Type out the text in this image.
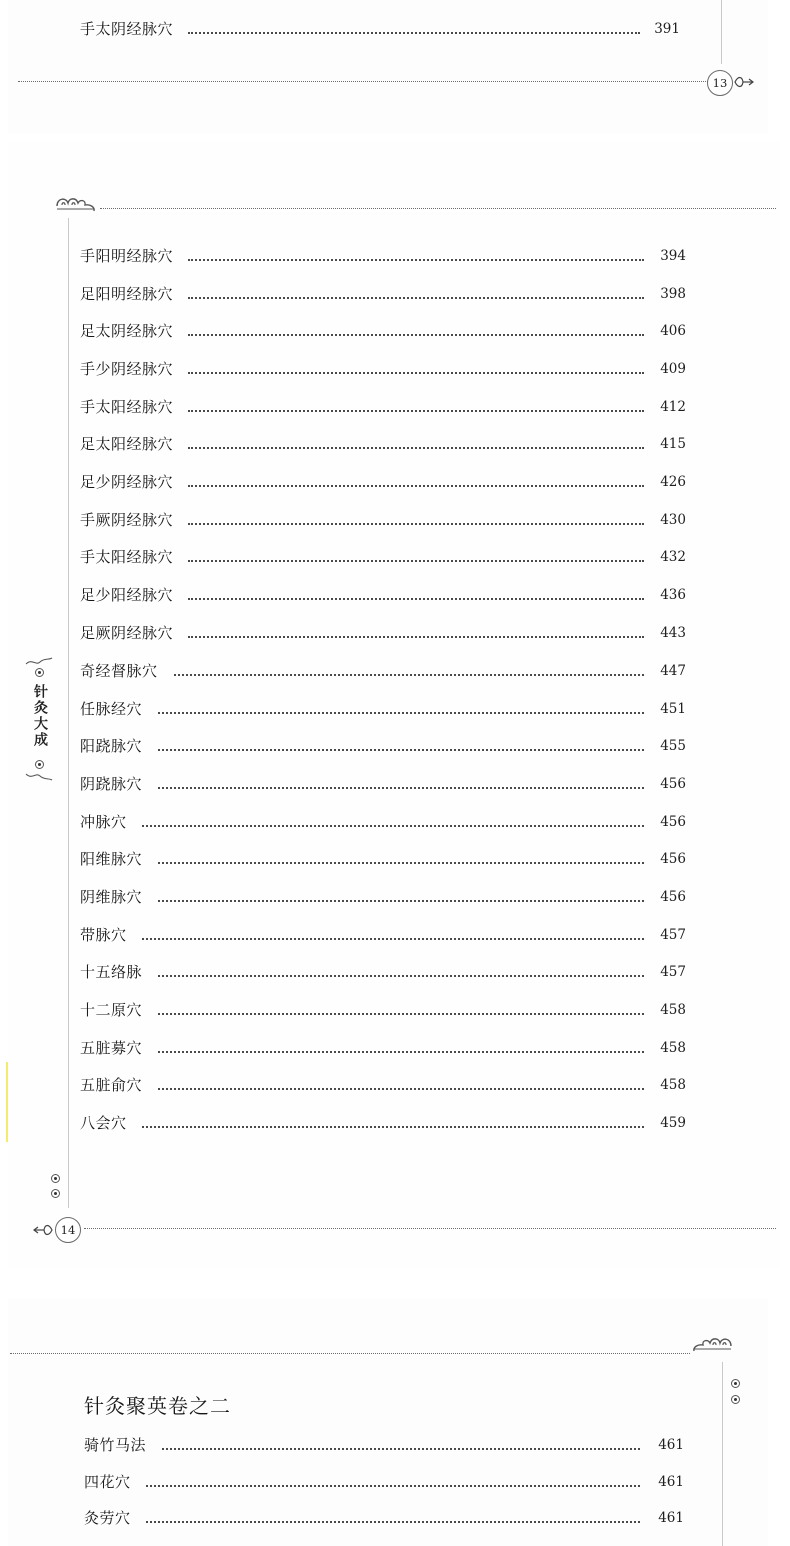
手太阴经脉穴	391
13
手阳明经脉穴	394
足阳明经脉穴	398
足太阴经脉穴	406
手少阴经脉穴	409
手太阳经脉穴	412
足太阳经脉穴	415
足少阴经脉穴	426
手厥阴经脉穴	430
手太阳经脉穴	432
足少阳经脉穴	436
足厥阴经脉穴	443
奇经督脉穴	447
任脉经穴	451
阳跷脉穴	455
阴跷脉穴	456
冲脉穴	456
阳维脉穴	456
阴维脉穴	456
带脉穴	457
十五络脉	457
十二原穴	458
五脏募穴	458
五脏俞穴	458
八会穴	459
针灸大成
14
针灸聚英卷之二
骑竹马法	461
四花穴	461
灸劳穴	461
